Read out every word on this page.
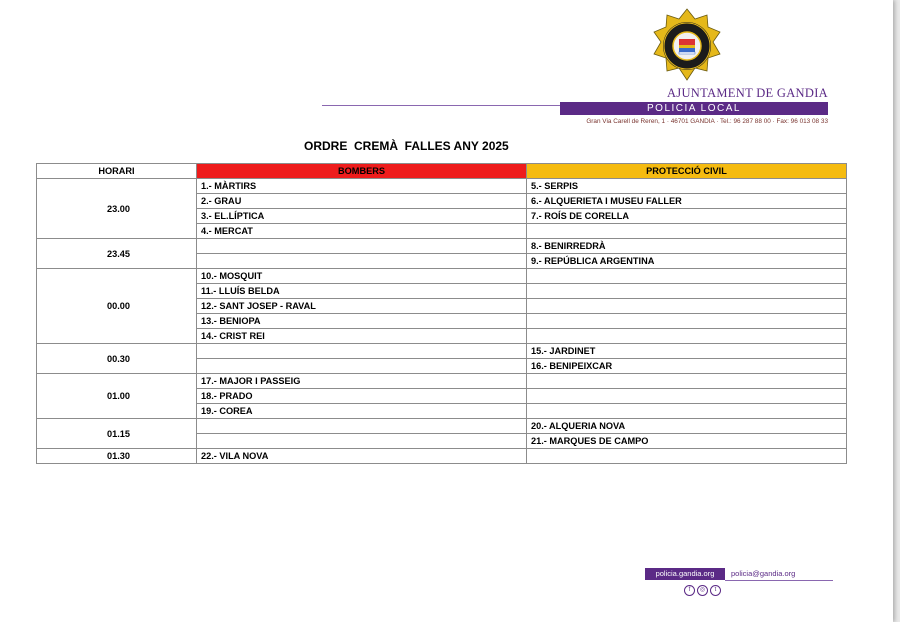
AJUNTAMENT DE GANDIA
POLICIA LOCAL
Gran Via Carell de Reren, 1 · 46701 GANDIA · Tel.: 96 287 88 00 · Fax: 96 013 08 33
ORDRE  CREMÀ  FALLES ANY 2025
HORARI	BOMBERS	PROTECCIÓ CIVIL
23.00	1.- MÀRTIRS	5.- SERPIS
	2.- GRAU	6.- ALQUERIETA I MUSEU FALLER
	3.- EL.LÍPTICA	7.- ROÍS DE CORELLA
	4.- MERCAT	
23.45		8.- BENIRREDRÀ
		9.- REPÚBLICA ARGENTINA
00.00	10.- MOSQUIT	
	11.- LLUÍS BELDA	
	12.- SANT JOSEP - RAVAL	
	13.- BENIOPA	
	14.- CRIST REI	
00.30		15.- JARDINET
		16.- BENIPEIXCAR
01.00	17.- MAJOR I PASSEIG	
	18.- PRADO	
	19.- COREA	
01.15		20.- ALQUERIA NOVA
		21.- MARQUES DE CAMPO
01.30	22.- VILA NOVA	
policia.gandia.org	policia@gandia.org
f	◎	t
